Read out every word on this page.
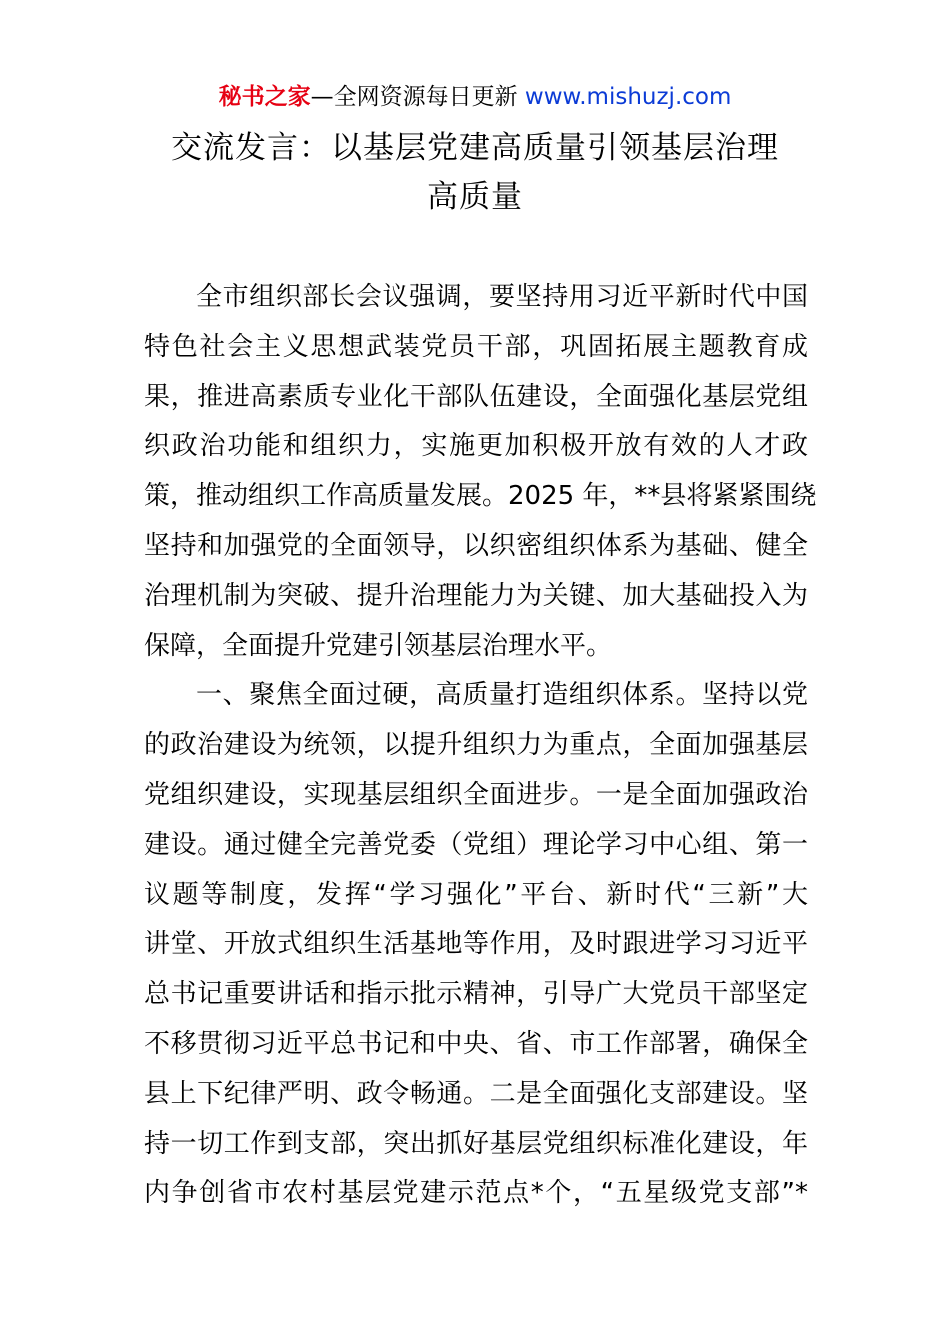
秘书之家—全网资源每日更新 www.mishuzj.com
交流发言：以基层党建高质量引领基层治理
高质量
全市组织部长会议强调，要坚持用习近平新时代中国
特色社会主义思想武装党员干部，巩固拓展主题教育成
果，推进高素质专业化干部队伍建设，全面强化基层党组
织政治功能和组织力，实施更加积极开放有效的人才政
策，推动组织工作高质量发展。2025 年，**县将紧紧围绕
坚持和加强党的全面领导，以织密组织体系为基础、健全
治理机制为突破、提升治理能力为关键、加大基础投入为
保障，全面提升党建引领基层治理水平。
一、聚焦全面过硬，高质量打造组织体系。坚持以党
的政治建设为统领，以提升组织力为重点，全面加强基层
党组织建设，实现基层组织全面进步。一是全面加强政治
建设。通过健全完善党委（党组）理论学习中心组、第一
议题等制度，发挥“学习强化”平台、新时代“三新”大
讲堂、开放式组织生活基地等作用，及时跟进学习习近平
总书记重要讲话和指示批示精神，引导广大党员干部坚定
不移贯彻习近平总书记和中央、省、市工作部署，确保全
县上下纪律严明、政令畅通。二是全面强化支部建设。坚
持一切工作到支部，突出抓好基层党组织标准化建设，年
内争创省市农村基层党建示范点*个，“五星级党支部”*
